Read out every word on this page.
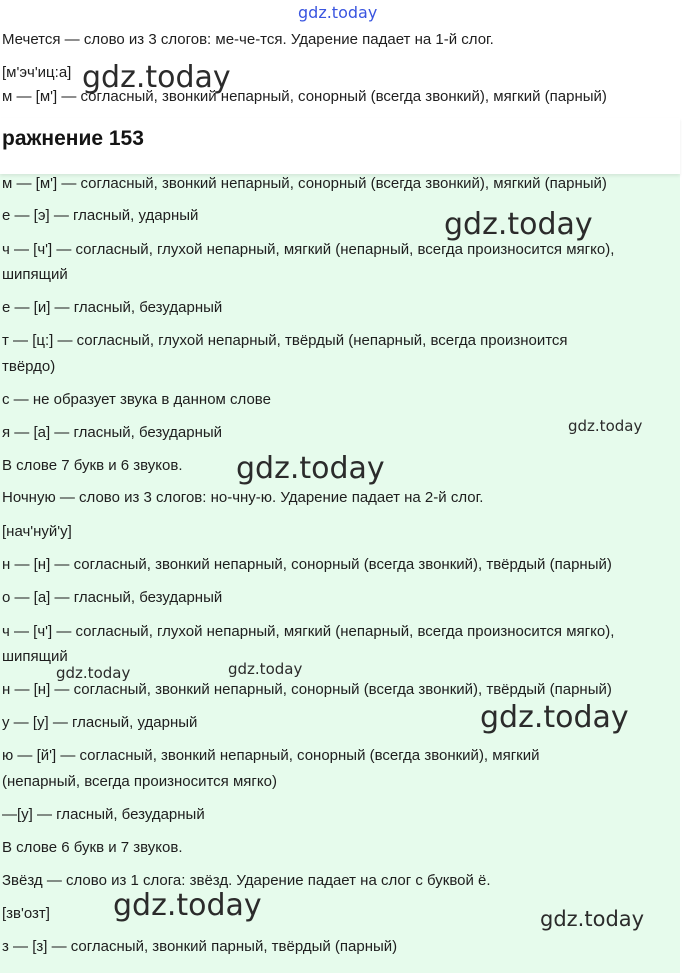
gdz.today
Мечется — слово из 3 слогов: ме-че-тся. Ударение падает на 1-й слог.
[м'эч'иц:а] gdz.today
м — [м'] — согласный, звонкий непарный, сонорный (всегда звонкий), мягкий (парный)
ражнение 153
м — [м'] — согласный, звонкий непарный, сонорный (всегда звонкий), мягкий (парный)
е — [э] — гласный, ударный
ч — [ч'] — согласный, глухой непарный, мягкий (непарный, всегда произносится мягко),
шипящий
е — [и] — гласный, безударный
т — [ц:] — согласный, глухой непарный, твёрдый (непарный, всегда произноится
твёрдо)
с — не образует звука в данном слове
я — [а] — гласный, безударный
В слове 7 букв и 6 звуков.
Ночную — слово из 3 слогов: но-чну-ю. Ударение падает на 2-й слог.
[нач'нуй'у]
н — [н] — согласный, звонкий непарный, сонорный (всегда звонкий), твёрдый (парный)
о — [а] — гласный, безударный
ч — [ч'] — согласный, глухой непарный, мягкий (непарный, всегда произносится мягко),
шипящий
н — [н] — согласный, звонкий непарный, сонорный (всегда звонкий), твёрдый (парный)
у — [у] — гласный, ударный
ю — [й'] — согласный, звонкий непарный, сонорный (всегда звонкий), мягкий
(непарный, всегда произносится мягко)
—[у] — гласный, безударный
В слове 6 букв и 7 звуков.
Звёзд — слово из 1 слога: звёзд. Ударение падает на слог с буквой ё.
[зв'озт]
з — [з] — согласный, звонкий парный, твёрдый (парный)
gdz.today
gdz.today
gdz.today
gdz.today	gdz.today
gdz.today
gdz.today	gdz.today
